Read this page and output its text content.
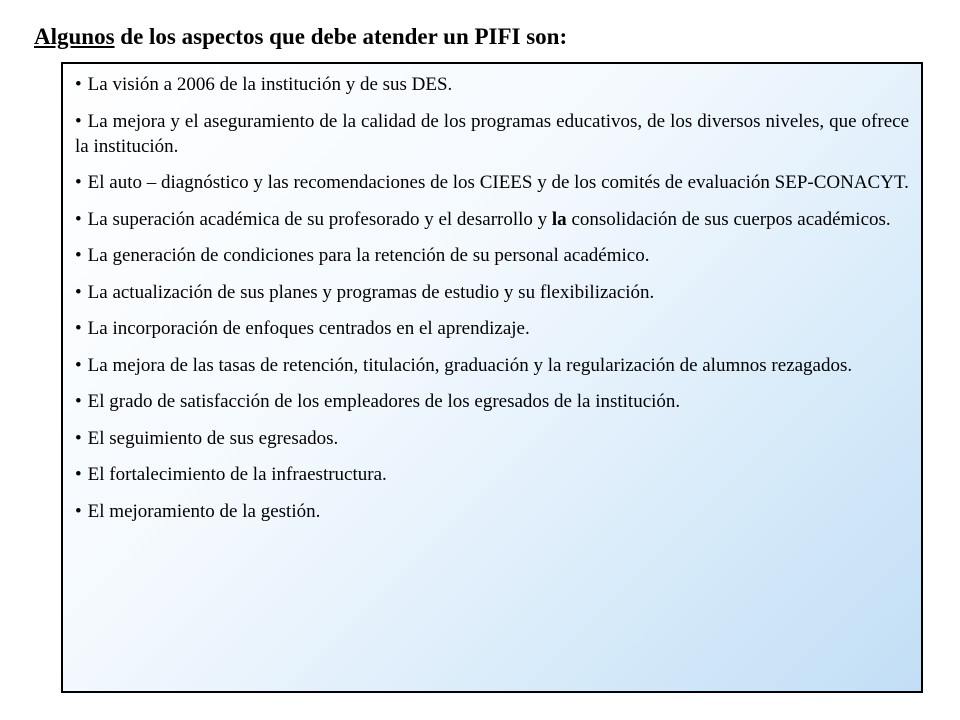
Algunos de los aspectos que debe atender un PIFI son:
• La visión a 2006 de la institución y de sus DES.
• La mejora y el aseguramiento de la calidad de los programas educativos, de los diversos niveles, que ofrece la institución.
• El auto – diagnóstico y las recomendaciones de los CIEES y de los comités de evaluación SEP-CONACYT.
• La superación académica de su profesorado y el desarrollo y la consolidación de sus cuerpos académicos.
• La generación de condiciones para la retención de su personal académico.
• La actualización de sus planes y programas de estudio y su flexibilización.
• La incorporación de enfoques centrados en el aprendizaje.
• La mejora de las tasas de retención, titulación, graduación y la regularización de alumnos rezagados.
• El grado de satisfacción de los empleadores de los egresados de la institución.
• El seguimiento de sus egresados.
• El fortalecimiento de la infraestructura.
• El mejoramiento de la gestión.
